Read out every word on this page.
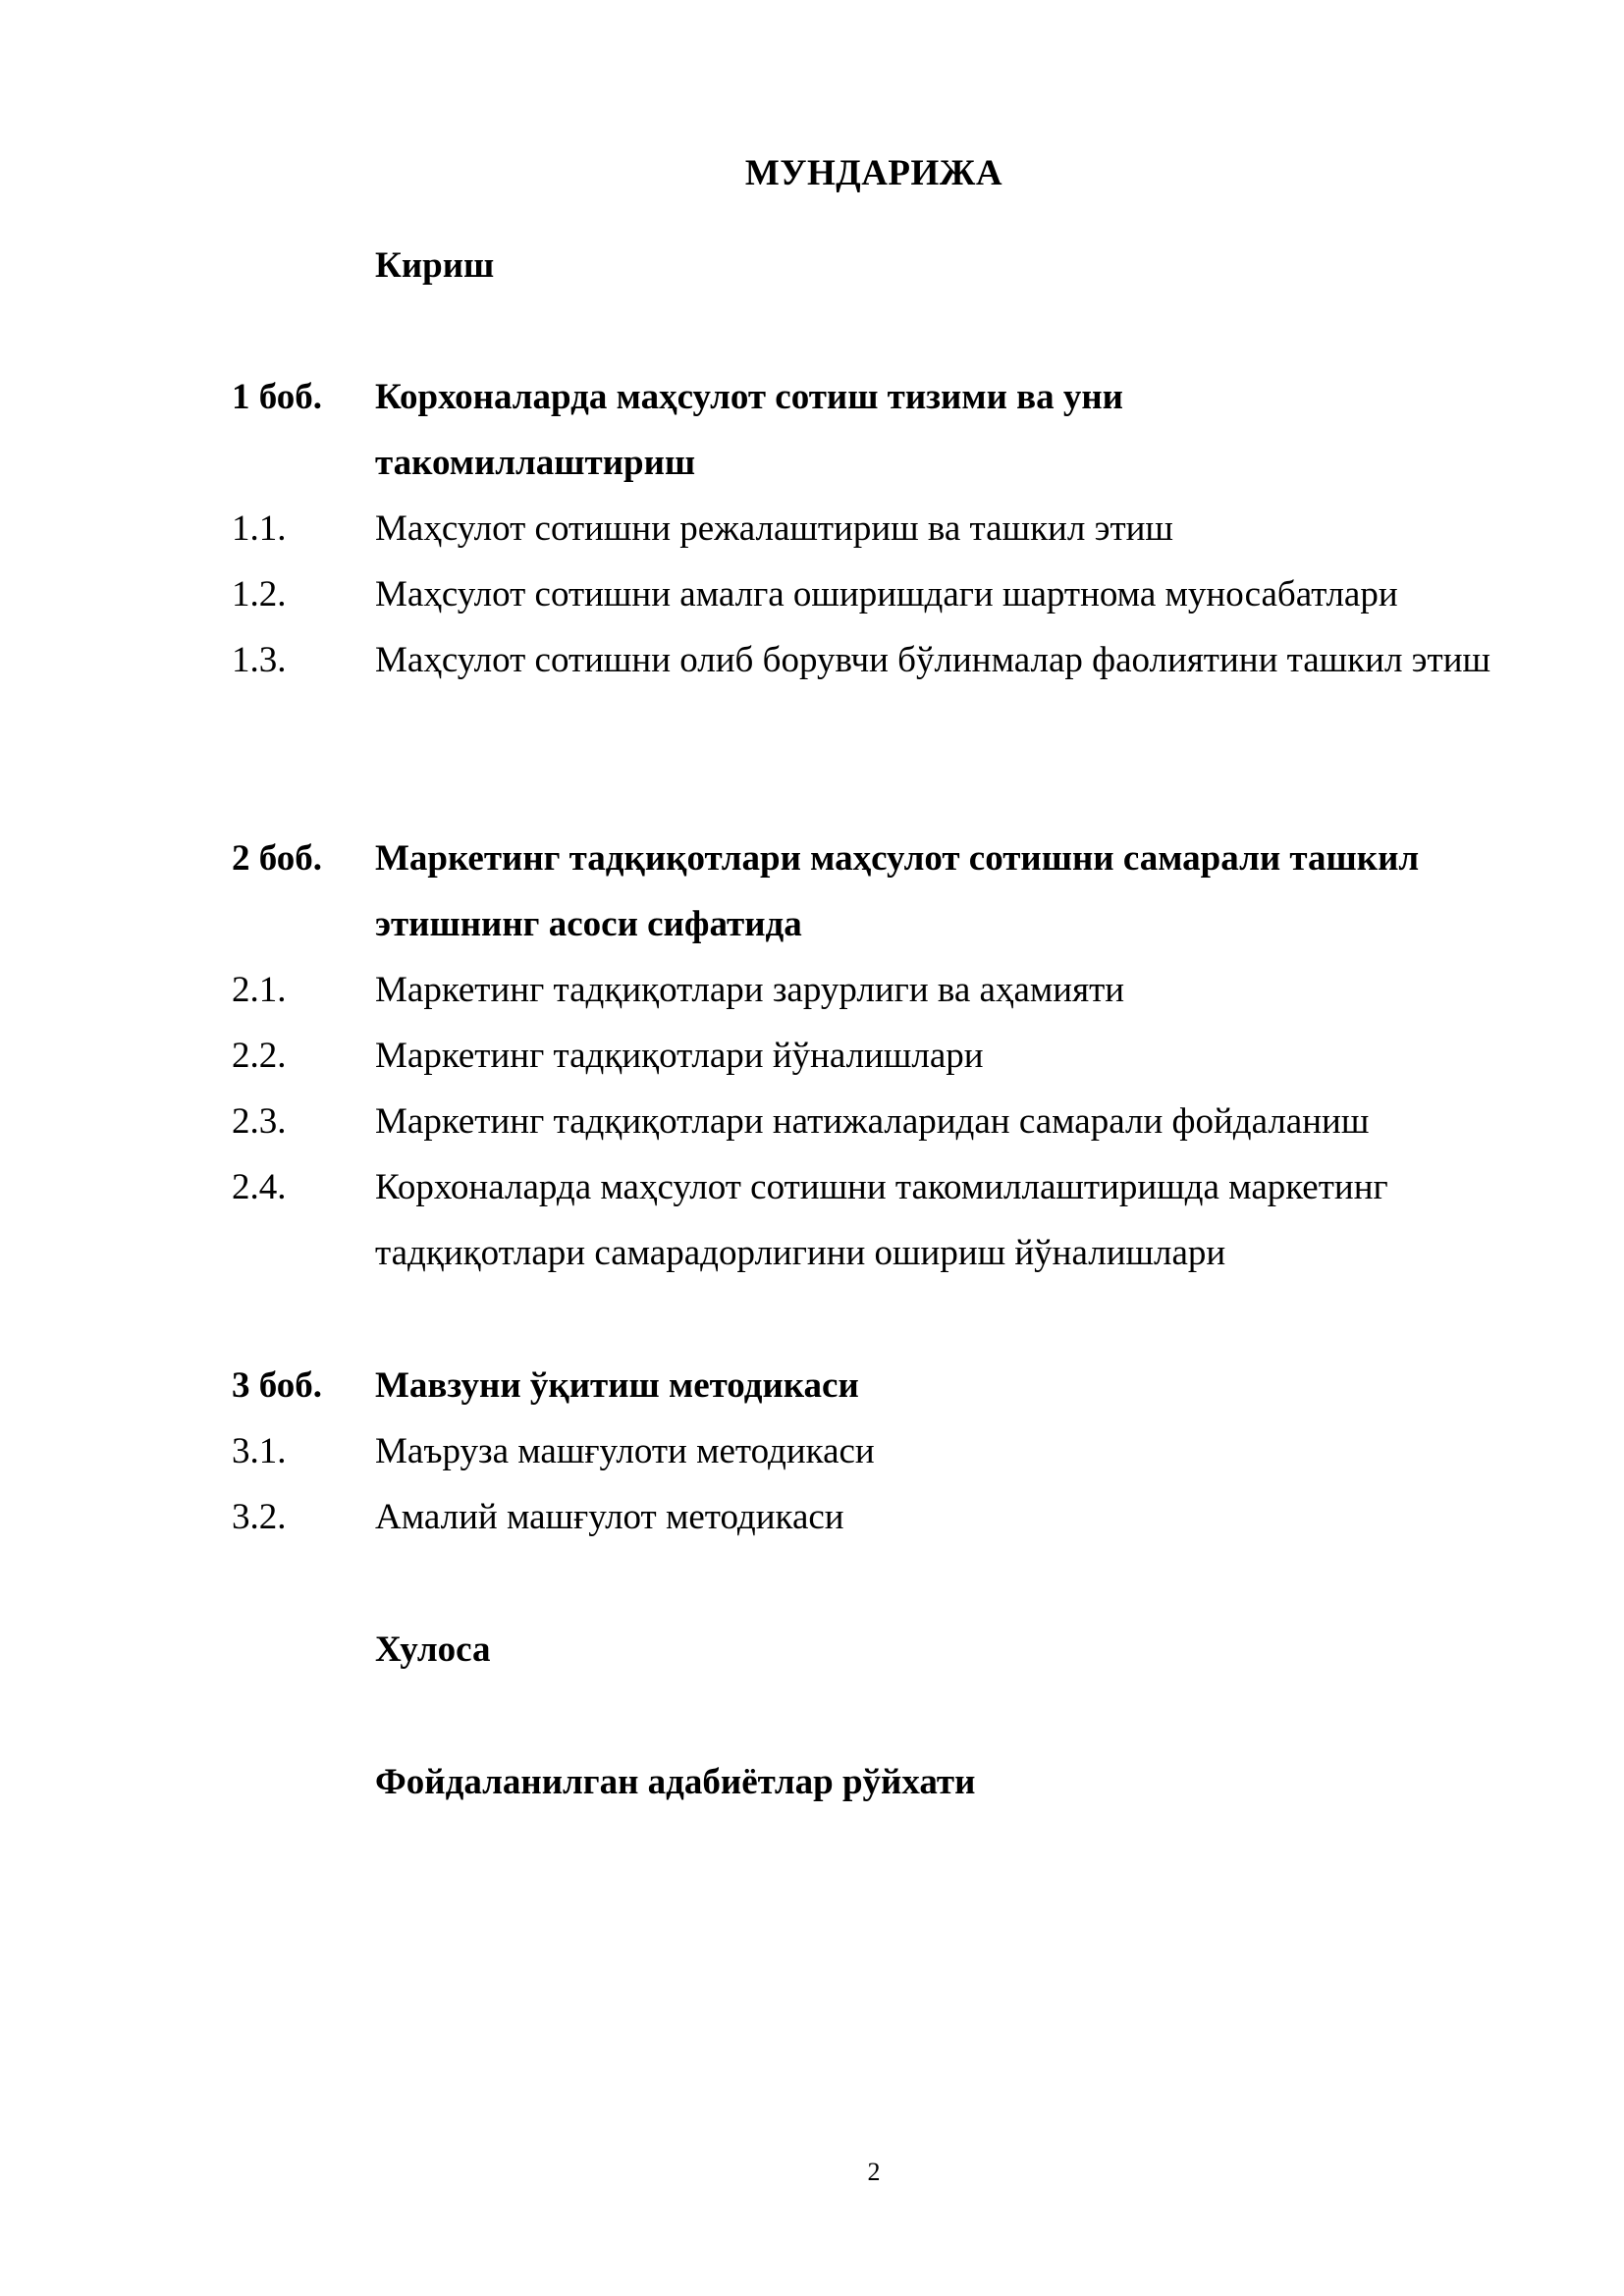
МУНДАРИЖА
Кириш
1 боб. Корхоналарда маҳсулот сотиш тизими ва уни такомиллаштириш
1.1. Маҳсулот сотишни режалаштириш ва ташкил этиш
1.2. Маҳсулот сотишни амалга оширишдаги шартнома муносабатлари
1.3. Маҳсулот сотишни олиб борувчи бўлинмалар фаолиятини ташкил этиш
2 боб. Маркетинг тадқиқотлари маҳсулот сотишни самарали ташкил этишнинг асоси сифатида
2.1. Маркетинг тадқиқотлари зарурлиги ва аҳамияти
2.2. Маркетинг тадқиқотлари йўналишлари
2.3. Маркетинг тадқиқотлари натижаларидан самарали фойдаланиш
2.4. Корхоналарда маҳсулот сотишни такомиллаштиришда маркетинг тадқиқотлари самарадорлигини ошириш йўналишлари
3 боб. Мавзуни ўқитиш методикаси
3.1. Маъруза машғулоти методикаси
3.2. Амалий машғулот методикаси
Хулоса
Фойдаланилган адабиётлар рўйхати
2
